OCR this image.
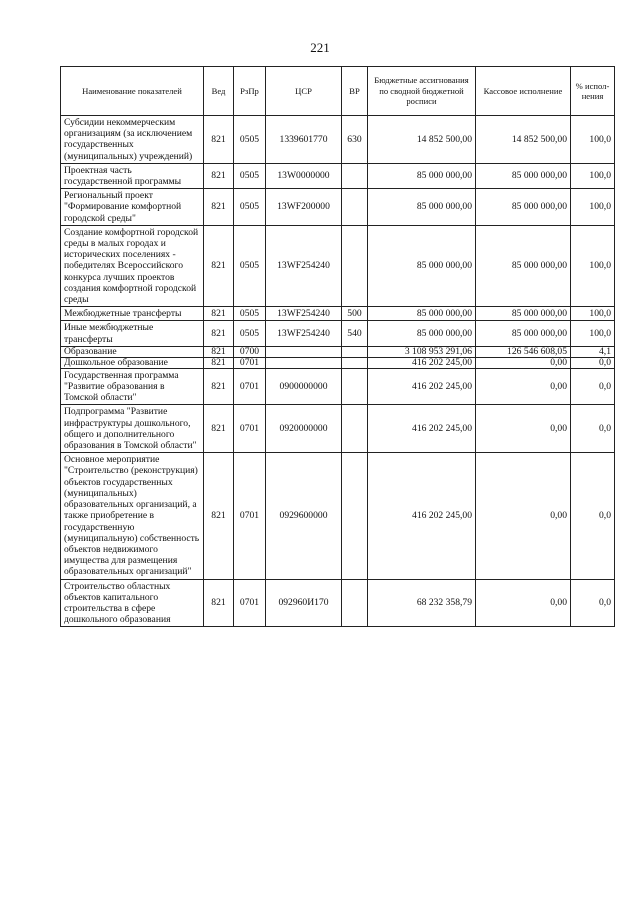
221
Наименование показателей	Вед	РзПр	ЦСР	ВР	Бюджетные ассигнования по сводной бюджетной росписи	Кассовое исполнение	% испол-нения
Субсидии некоммерческим организациям (за исключением государственных (муниципальных) учреждений)	821	0505	1339601770	630	14 852 500,00	14 852 500,00	100,0
Проектная часть государственной программы	821	0505	13W0000000		85 000 000,00	85 000 000,00	100,0
Региональный проект "Формирование комфортной городской среды"	821	0505	13WF200000		85 000 000,00	85 000 000,00	100,0
Создание комфортной городской среды в малых городах и исторических поселениях - победителях Всероссийского конкурса лучших проектов создания комфортной городской среды	821	0505	13WF254240		85 000 000,00	85 000 000,00	100,0
Межбюджетные трансферты	821	0505	13WF254240	500	85 000 000,00	85 000 000,00	100,0
Иные межбюджетные трансферты	821	0505	13WF254240	540	85 000 000,00	85 000 000,00	100,0
Образование	821	0700			3 108 953 291,06	126 546 608,05	4,1
Дошкольное образование	821	0701			416 202 245,00	0,00	0,0
Государственная программа "Развитие образования в Томской области"	821	0701	0900000000		416 202 245,00	0,00	0,0
Подпрограмма "Развитие инфраструктуры дошкольного, общего и дополнительного образования в Томской области"	821	0701	0920000000		416 202 245,00	0,00	0,0
Основное мероприятие "Строительство (реконструкция) объектов государственных (муниципальных) образовательных организаций, а также приобретение в государственную (муниципальную) собственность объектов недвижимого имущества для размещения образовательных организаций"	821	0701	0929600000		416 202 245,00	0,00	0,0
Строительство областных объектов капитального строительства в сфере дошкольного образования	821	0701	092960И170		68 232 358,79	0,00	0,0
